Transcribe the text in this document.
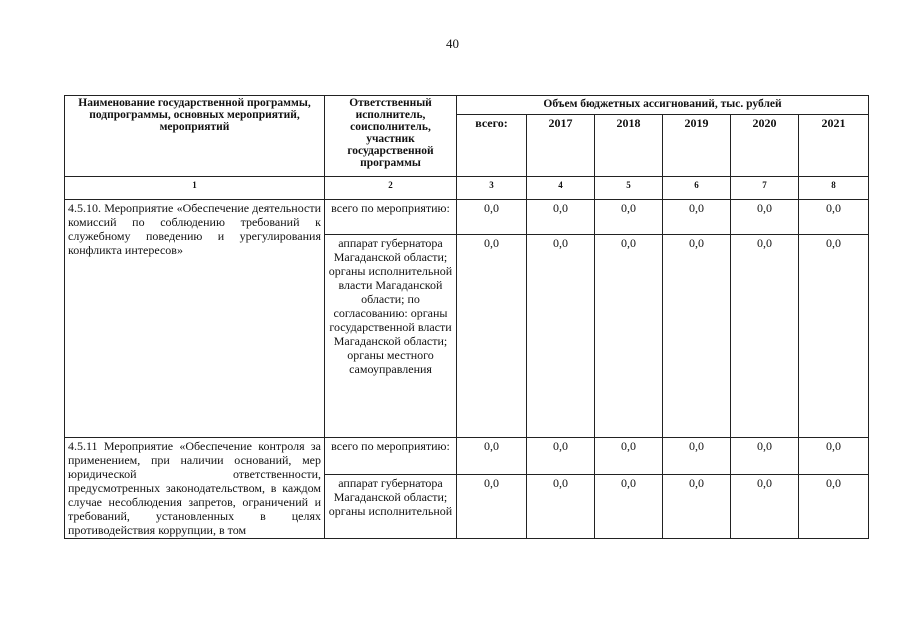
40
Наименование государственной программы, подпрограммы, основных мероприятий, мероприятий	Ответственный исполнитель, соисполнитель, участник государственной программы	Объем бюджетных ассигнований, тыс. рублей					
		всего:	2017	2018	2019	2020	2021
1	2	3	4	5	6	7	8
4.5.10. Мероприятие «Обеспечение деятельности комиссий по соблюдению требований к служебному поведению и урегулирования конфликта интересов»	всего по мероприятию:	0,0	0,0	0,0	0,0	0,0	0,0
	аппарат губернатора Магаданской области; органы исполнительной власти Магаданской области; по согласованию: органы государственной власти Магаданской области; органы местного самоуправления	0,0	0,0	0,0	0,0	0,0	0,0
4.5.11 Мероприятие «Обеспечение контроля за применением, при наличии оснований, мер юридической ответственности, предусмотренных законодательством, в каждом случае несоблюдения запретов, ограничений и требований, установленных в целях противодействия коррупции, в том	всего по мероприятию:	0,0	0,0	0,0	0,0	0,0	0,0
	аппарат губернатора Магаданской области; органы исполнительной	0,0	0,0	0,0	0,0	0,0	0,0
